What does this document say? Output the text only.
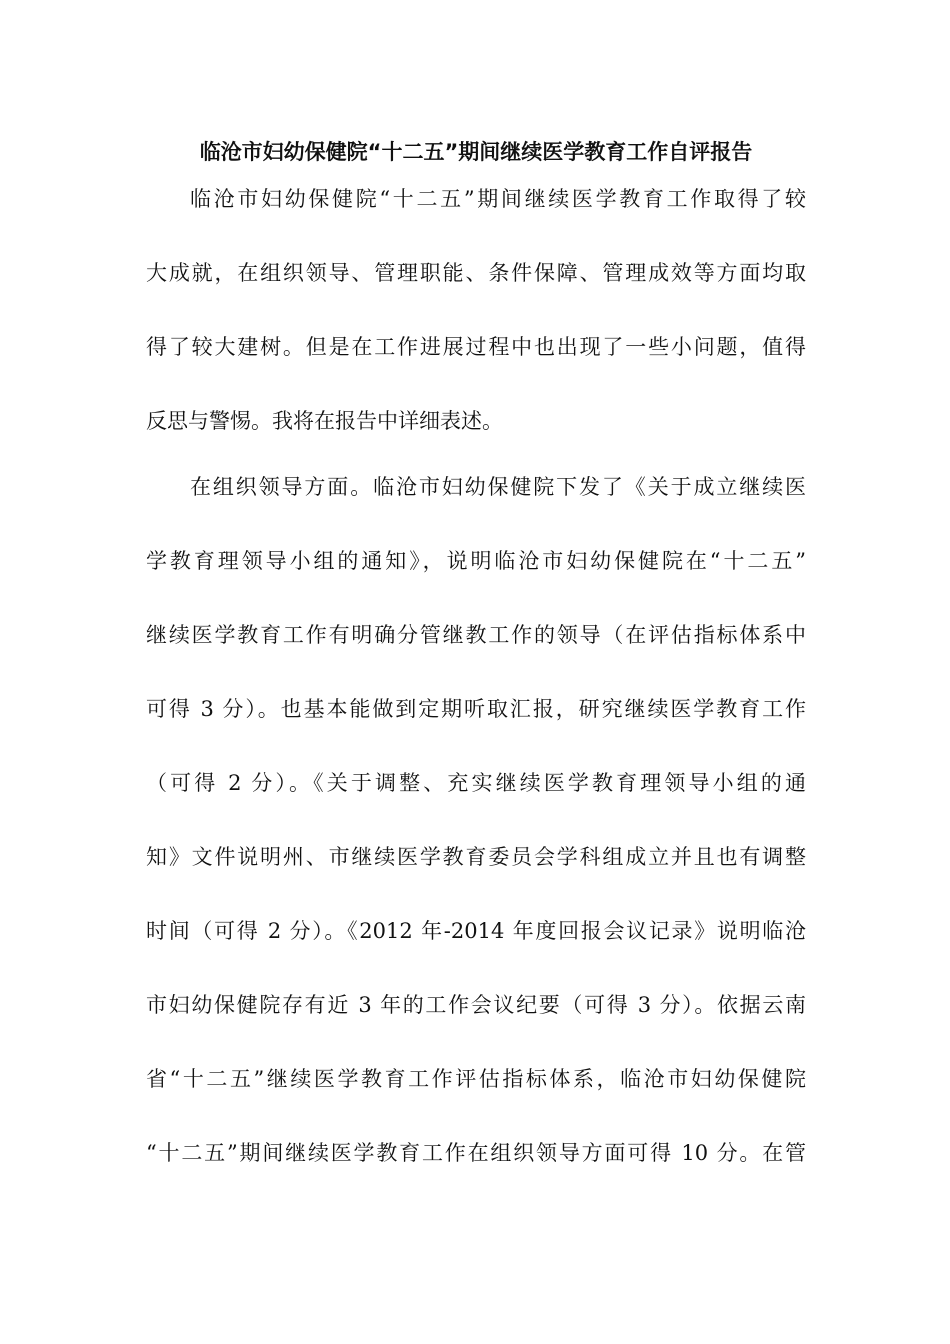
临沧市妇幼保健院“十二五”期间继续医学教育工作自评报告
临沧市妇幼保健院“十二五”期间继续医学教育工作取得了较
大成就，在组织领导、管理职能、条件保障、管理成效等方面均取
得了较大建树。但是在工作进展过程中也出现了一些小问题，值得
反思与警惕。我将在报告中详细表述。
在组织领导方面。临沧市妇幼保健院下发了《关于成立继续医
学教育理领导小组的通知》，说明临沧市妇幼保健院在“十二五”
继续医学教育工作有明确分管继教工作的领导（在评估指标体系中
可得 3 分）。也基本能做到定期听取汇报，研究继续医学教育工作
（可得 2 分）。《关于调整、充实继续医学教育理领导小组的通
知》文件说明州、市继续医学教育委员会学科组成立并且也有调整
时间（可得 2 分）。《2012 年-2014 年度回报会议记录》说明临沧
市妇幼保健院存有近 3 年的工作会议纪要（可得 3 分）。依据云南
省“十二五”继续医学教育工作评估指标体系，临沧市妇幼保健院
“十二五”期间继续医学教育工作在组织领导方面可得 10 分。在管
